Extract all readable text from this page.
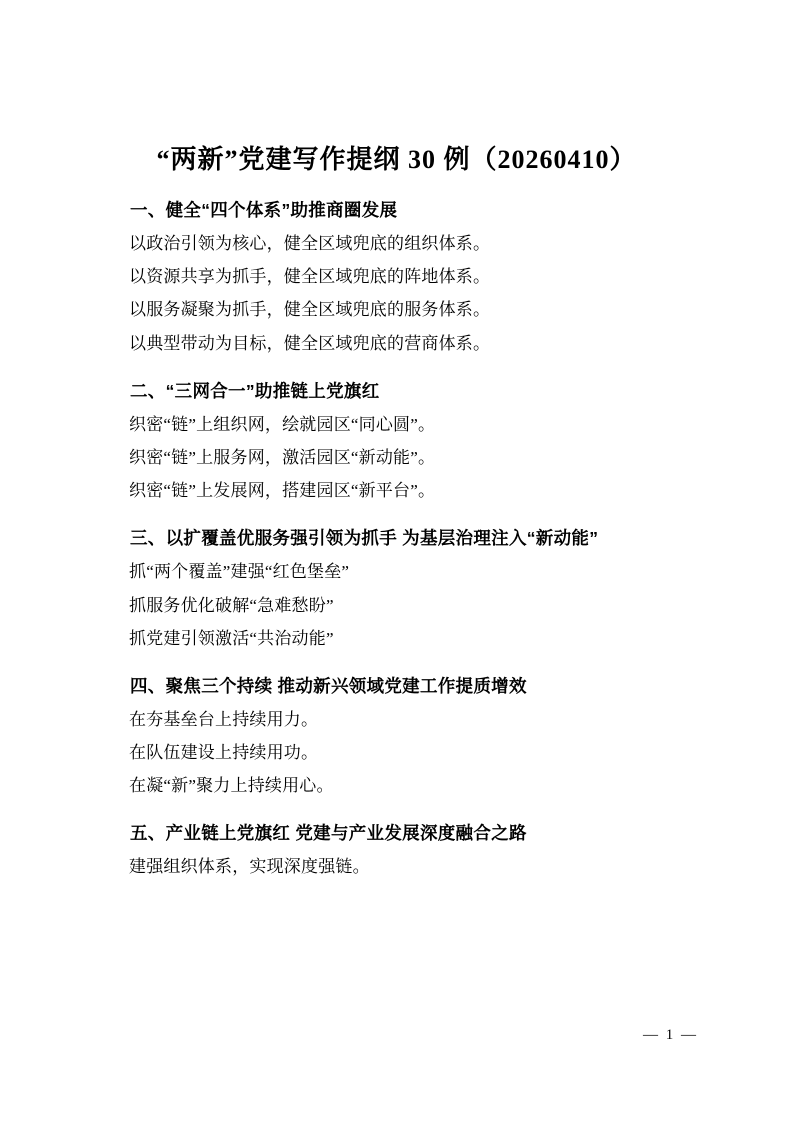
“两新”党建写作提纲 30 例（20260410）
一、健全“四个体系”助推商圈发展
以政治引领为核心，健全区域兜底的组织体系。
以资源共享为抓手，健全区域兜底的阵地体系。
以服务凝聚为抓手，健全区域兜底的服务体系。
以典型带动为目标，健全区域兜底的营商体系。
二、“三网合一”助推链上党旗红
织密“链”上组织网，绘就园区“同心圆”。
织密“链”上服务网，激活园区“新动能”。
织密“链”上发展网，搭建园区“新平台”。
三、以扩覆盖优服务强引领为抓手 为基层治理注入“新动能”
抓“两个覆盖”建强“红色堡垒”
抓服务优化破解“急难愁盼”
抓党建引领激活“共治动能”
四、聚焦三个持续 推动新兴领域党建工作提质增效
在夯基垒台上持续用力。
在队伍建设上持续用功。
在凝“新”聚力上持续用心。
五、产业链上党旗红 党建与产业发展深度融合之路
建强组织体系，实现深度强链。
— 1 —
